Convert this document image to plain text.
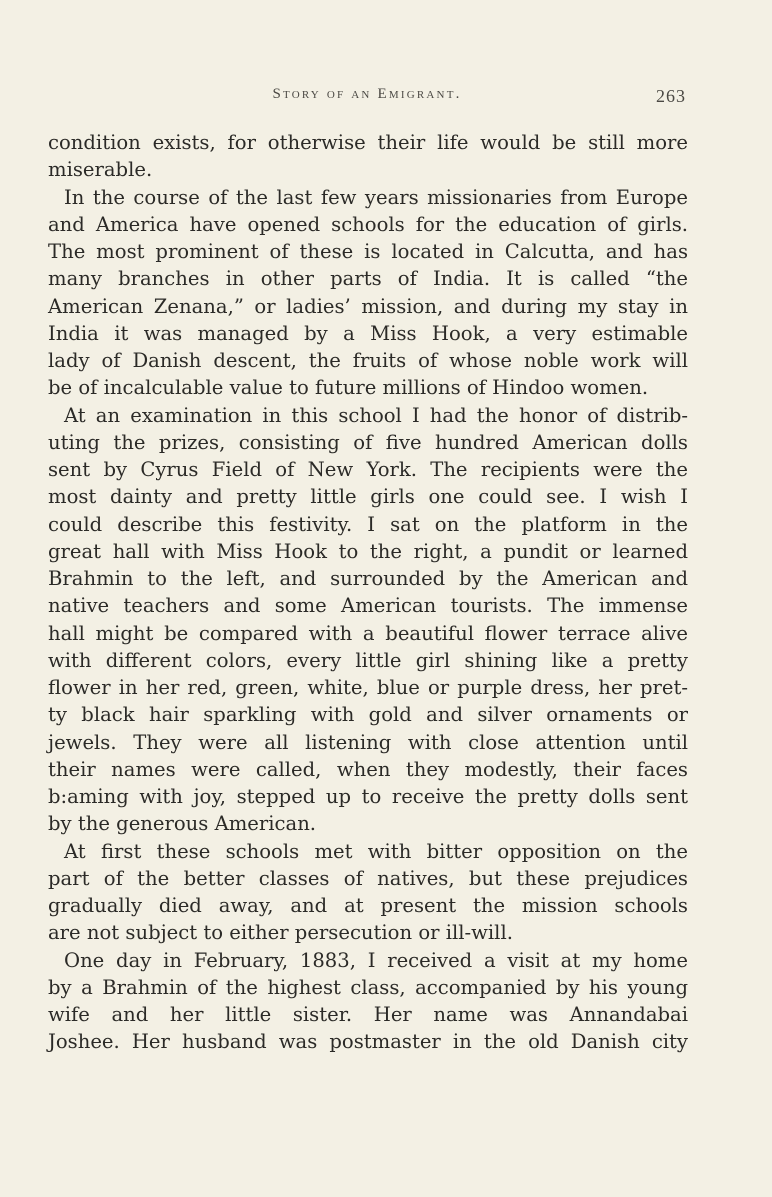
Story of an Emigrant.	263
condition exists, for otherwise their life would be still more
miserable.
In the course of the last few years missionaries from Europe
and America have opened schools for the education of girls.
The most prominent of these is located in Calcutta, and has
many branches in other parts of India. It is called “the
American Zenana,” or ladies’ mission, and during my stay in
India it was managed by a Miss Hook, a very estimable
lady of Danish descent, the fruits of whose noble work will
be of incalculable value to future millions of Hindoo women.
At an examination in this school I had the honor of distrib-
uting the prizes, consisting of five hundred American dolls
sent by Cyrus Field of New York. The recipients were the
most dainty and pretty little girls one could see. I wish I
could describe this festivity. I sat on the platform in the
great hall with Miss Hook to the right, a pundit or learned
Brahmin to the left, and surrounded by the American and
native teachers and some American tourists. The immense
hall might be compared with a beautiful flower terrace alive
with different colors, every little girl shining like a pretty
flower in her red, green, white, blue or purple dress, her pret-
ty black hair sparkling with gold and silver ornaments or
jewels. They were all listening with close attention until
their names were called, when they modestly, their faces
b:aming with joy, stepped up to receive the pretty dolls sent
by the generous American.
At first these schools met with bitter opposition on the
part of the better classes of natives, but these prejudices
gradually died away, and at present the mission schools
are not subject to either persecution or ill-will.
One day in February, 1883, I received a visit at my home
by a Brahmin of the highest class, accompanied by his young
wife and her little sister. Her name was Annandabai
Joshee. Her husband was postmaster in the old Danish city
